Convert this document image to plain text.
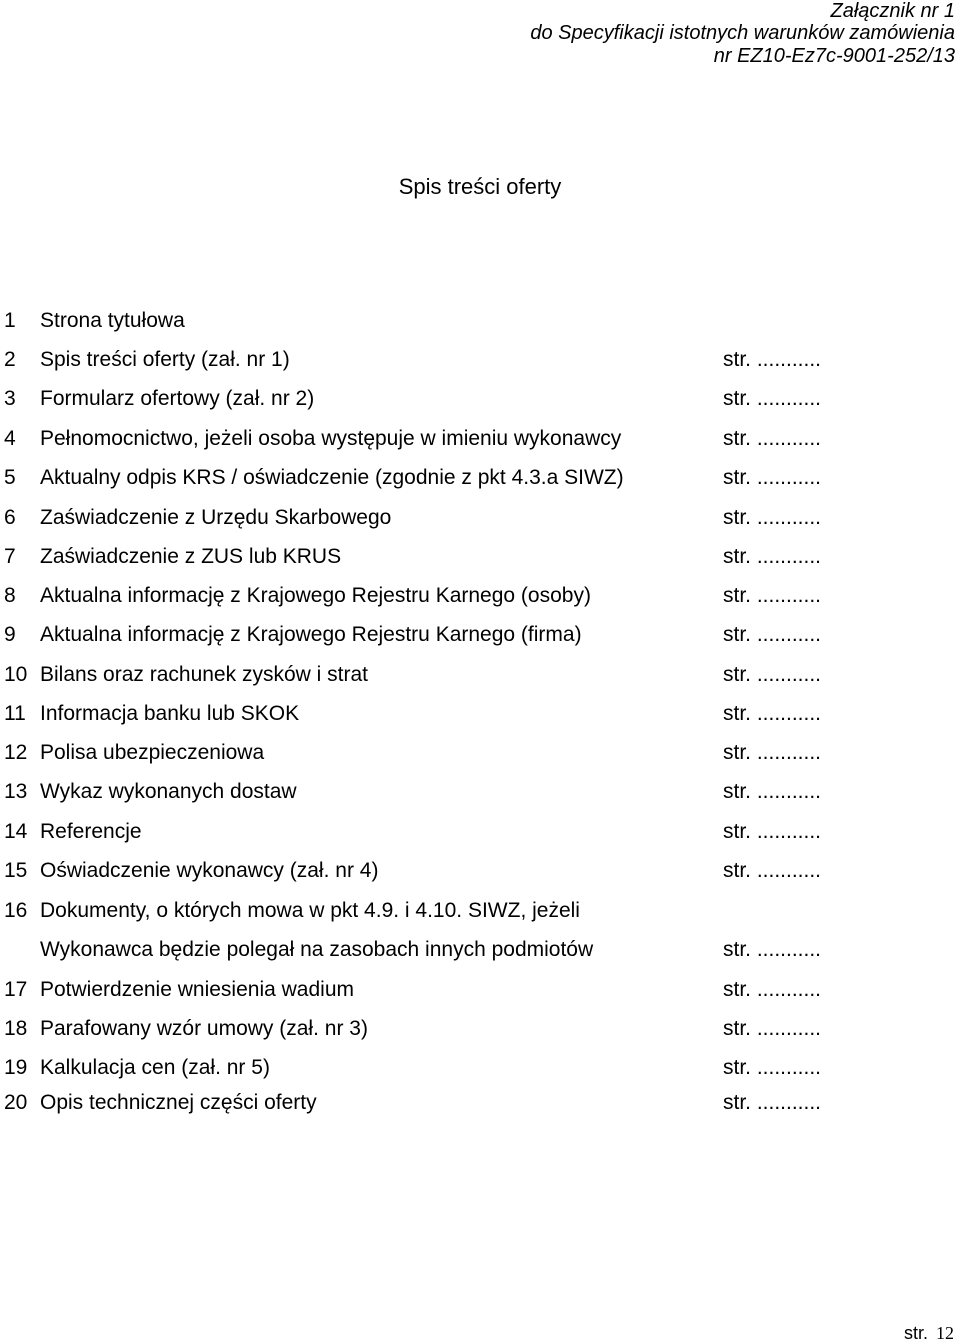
Załącznik nr 1
do Specyfikacji istotnych warunków zamówienia
nr EZ10-Ez7c-9001-252/13
Spis treści oferty
1 Strona tytułowa
2 Spis treści oferty (zał. nr 1)	str. ...........
3 Formularz ofertowy (zał. nr 2)	str. ...........
4 Pełnomocnictwo, jeżeli osoba występuje w imieniu wykonawcy	str. ...........
5 Aktualny odpis KRS / oświadczenie (zgodnie z pkt 4.3.a SIWZ)	str. ...........
6 Zaświadczenie z Urzędu Skarbowego	str. ...........
7 Zaświadczenie z ZUS lub KRUS	str. ...........
8 Aktualna informację z Krajowego Rejestru Karnego (osoby)	str. ...........
9 Aktualna informację z Krajowego Rejestru Karnego (firma)	str. ...........
10 Bilans oraz rachunek zysków i strat	str. ...........
11 Informacja banku lub SKOK	str. ...........
12 Polisa ubezpieczeniowa	str. ...........
13 Wykaz wykonanych dostaw	str. ...........
14 Referencje	str. ...........
15 Oświadczenie wykonawcy (zał. nr 4)	str. ...........
16 Dokumenty, o których mowa w pkt 4.9. i 4.10. SIWZ, jeżeli
Wykonawca będzie polegał na zasobach innych podmiotów	str. ...........
17 Potwierdzenie wniesienia wadium	str. ...........
18 Parafowany wzór umowy (zał. nr 3)	str. ...........
19 Kalkulacja cen (zał. nr 5)	str. ...........
20 Opis technicznej części oferty	str. ...........
str. 12
